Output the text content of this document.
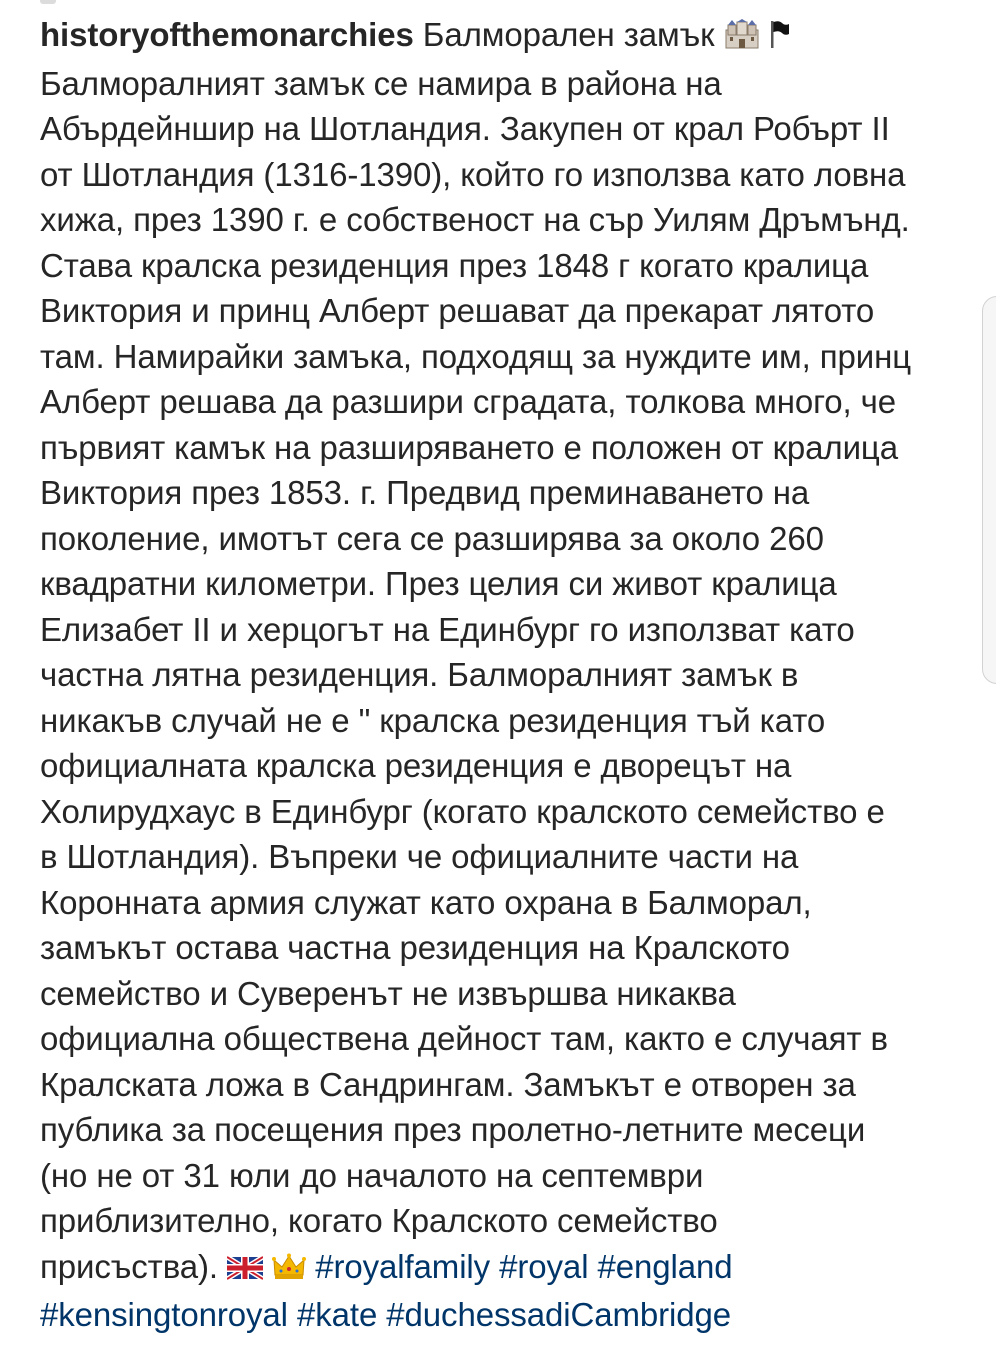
historyofthemonarchies Балморален замък
Балморалният замък се намира в района на
Абърдейншир на Шотландия. Закупен от крал Робърт II
от Шотландия (1316-1390), който го използва като ловна
хижа, през 1390 г. е собственост на сър Уилям Дръмънд.
Става кралска резиденция през 1848 г когато кралица
Виктория и принц Алберт решават да прекарат лятото
там. Намирайки замъка, подходящ за нуждите им, принц
Алберт решава да разшири сградата, толкова много, че
първият камък на разширяването е положен от кралица
Виктория през 1853. г. Предвид преминаването на
поколение, имотът сега се разширява за около 260
квадратни километри. През целия си живот кралица
Елизабет II и херцогът на Единбург го използват като
частна лятна резиденция. Балморалният замък в
никакъв случай не е " кралска резиденция тъй като
официалната кралска резиденция е дворецът на
Холирудхаус в Единбург (когато кралското семейство е
в Шотландия). Въпреки че официалните части на
Коронната армия служат като охрана в Балморал,
замъкът остава частна резиденция на Кралското
семейство и Суверенът не извършва никаква
официална обществена дейност там, както е случаят в
Кралската ложа в Сандрингам. Замъкът е отворен за
публика за посещения през пролетно-летните месеци
(но не от 31 юли до началото на септември
приблизително, когато Кралското семейство
присъства).	#royalfamily #royal #england
#kensingtonroyal #kate #duchessadiCambridge
